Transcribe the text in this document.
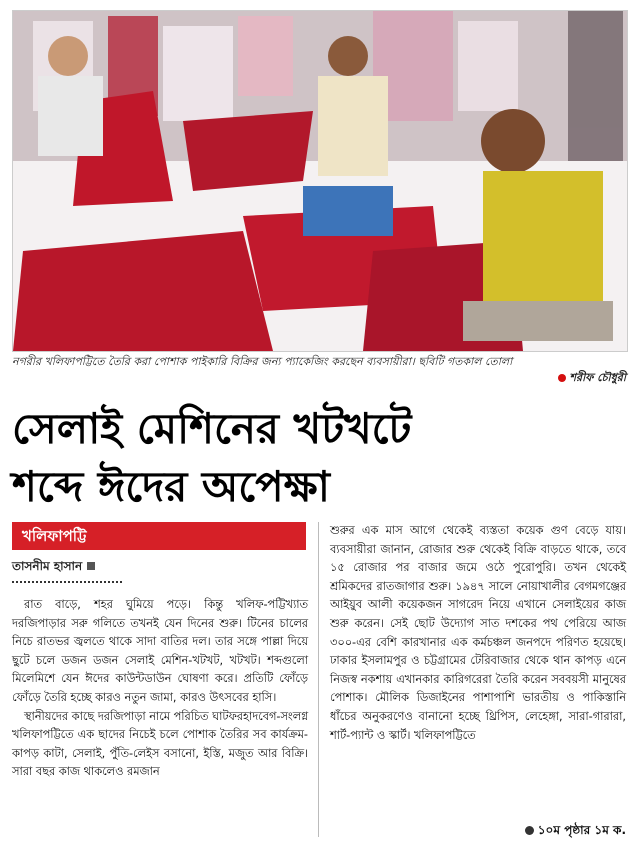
নগরীর খলিফাপট্টিতে তৈরি করা পোশাক পাইকারি বিক্রির জন্য প্যাকেজিং করছেন ব্যবসায়ীরা। ছবিটি গতকাল তোলা
শরীফ চৌধুরী
সেলাই মেশিনের খটখটে
শব্দে ঈদের অপেক্ষা
খলিফাপট্টি
তাসনীম হাসান

রাত বাড়ে, শহর ঘুমিয়ে পড়ে। কিন্তু খলিফ-পট্টিখ্যাত দরজিপাড়ার সরু গলিতে তখনই যেন দিনের শুরু। টিনের চালের নিচে রাতভর জ্বলতে থাকে সাদা বাতির দল। তার সঙ্গে পাল্লা দিয়ে ছুটে চলে ডজন ডজন সেলাই মেশিন-খটখট, খটখট। শব্দগুলো মিলেমিশে যেন ঈদের কাউন্টডাউন ঘোষণা করে। প্রতিটি ফোঁড়ে ফোঁড়ে তৈরি হচ্ছে কারও নতুন জামা, কারও উৎসবের হাসি।

স্থানীয়দের কাছে দরজিপাড়া নামে পরিচিত ঘাটফরহাদবেগ-সংলগ্ন খলিফাপট্টিতে এক ছাদের নিচেই চলে পোশাক তৈরির সব কার্যক্রম-কাপড় কাটা, সেলাই, পুঁতি-লেইস বসানো, ইস্তি, মজুত আর বিক্রি। সারা বছর কাজ থাকলেও রমজান

শুরুর এক মাস আগে থেকেই ব্যস্ততা কয়েক গুণ বেড়ে যায়। ব্যবসায়ীরা জানান, রোজার শুরু থেকেই বিক্রি বাড়তে থাকে, তবে ১৫ রোজার পর বাজার জমে ওঠে পুরোপুরি। তখন থেকেই শ্রমিকদের রাতজাগার শুরু। ১৯৪৭ সালে নোয়াখালীর বেগমগঞ্জের আইয়ুব আলী কয়েকজন সাগরেদ নিয়ে এখানে সেলাইয়ের কাজ শুরু করেন। সেই ছোট উদ্যোগ সাত দশকের পথ পেরিয়ে আজ ৩০০-এর বেশি কারখানার এক কর্মচঞ্চল জনপদে পরিণত হয়েছে। ঢাকার ইসলামপুর ও চট্টগ্রামের টেরিবাজার থেকে থান কাপড় এনে নিজস্ব নকশায় এখানকার কারিগরেরা তৈরি করেন সববয়সী মানুষের পোশাক। মৌলিক ডিজাইনের পাশাপাশি ভারতীয় ও পাকিস্তানি ধাঁচের অনুকরণেও বানানো হচ্ছে থ্রিপিস, লেহেঙ্গা, সারা-গারারা, শার্ট-প্যান্ট ও স্কার্ট। খলিফাপট্টিতে

১০ম পৃষ্ঠার ১ম ক.
